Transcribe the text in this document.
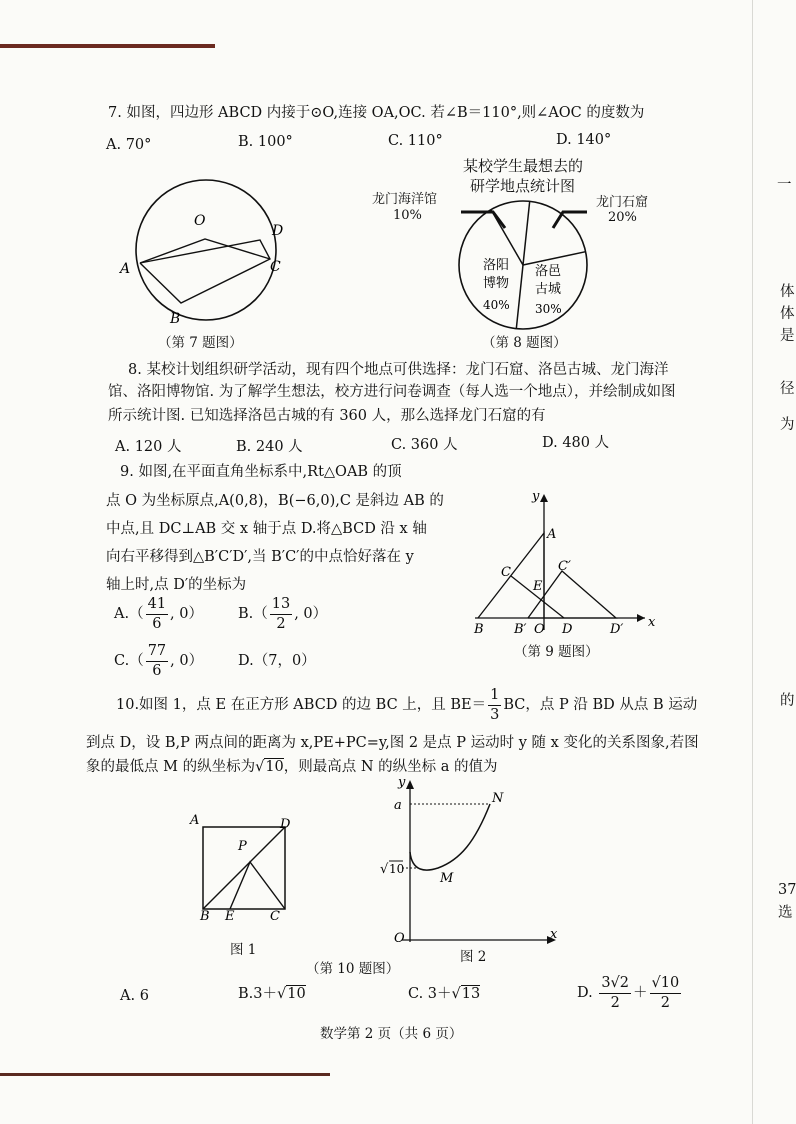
7. 如图，四边形 ABCD 内接于⊙O,连接 OA,OC. 若∠B＝110°,则∠AOC 的度数为
A. 70°	B. 100°	C. 110°	D. 140°
O
A
B
C
D
（第 7 题图）
某校学生最想去的
研学地点统计图
龙门海洋馆
10%
龙门石窟
20%
洛阳
博物
40%
洛邑
古城
30%
（第 8 题图）
8. 某校计划组织研学活动，现有四个地点可供选择：龙门石窟、洛邑古城、龙门海洋
馆、洛阳博物馆. 为了解学生想法，校方进行问卷调查（每人选一个地点），并绘制成如图
所示统计图. 已知选择洛邑古城的有 360 人，那么选择龙门石窟的有
A. 120 人	B. 240 人	C. 360 人	D. 480 人
9. 如图,在平面直角坐标系中,Rt△OAB 的顶
点 O 为坐标原点,A(0,8)，B(−6,0),C 是斜边 AB 的
中点,且 DC⊥AB 交 x 轴于点 D.将△BCD 沿 x 轴
向右平移得到△B′C′D′,当 B′C′的中点恰好落在 y
轴上时,点 D′的坐标为
$A.( \frac{41}{6}$ , 0） $B.( \frac{13}{2}$ , 0）
$C.( \frac{77}{6}$ , 0） D.（7，0）
y
A
C	C′
E
B B′ O D	D′ x
（第 9 题图）
10.如图 1，点 E 在正方形 ABCD 的边 BC 上，且 $BE= \frac{1}{3}$ BC，点 P 沿 BD 从点 B 运动
到点 D，设 B,P 两点间的距离为 x,PE+PC=y,图 2 是点 P 运动时 y 随 x 变化的关系图象,若图
象的最低点 M 的纵坐标为√10，则最高点 N 的纵坐标 a 的值为
A	D
P
B E	C
图 1
y
a	N
√ 10
M
O	x
图 2
（第 10 题图）
A. 6	B.3＋√10	C. 3＋√13	D. $\frac{3√2}{2} + \frac{√10}{2}$
数学第 2 页（共 6 页）
一
体
体
是
径
为
的
37
选
